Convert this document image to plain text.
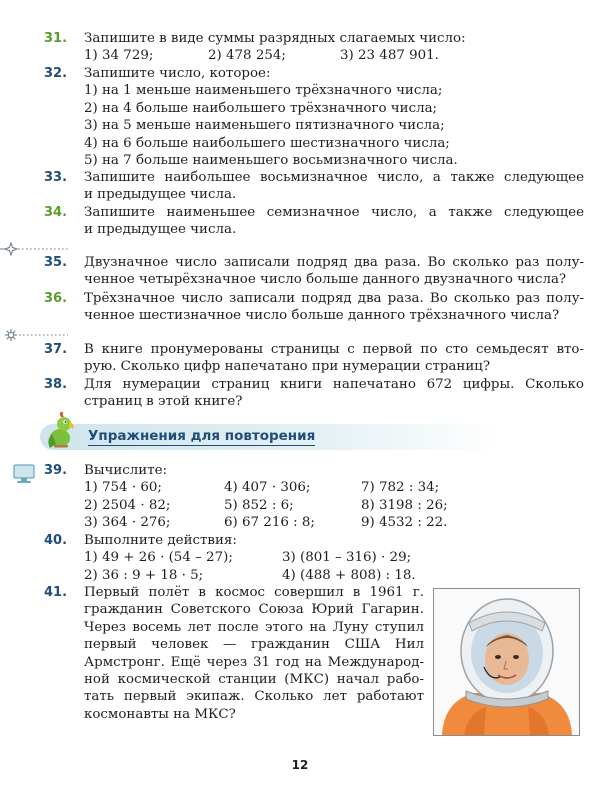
31.	Запишите в виде суммы разрядных слагаемых число:
1) 34 729;	2) 478 254;	3) 23 487 901.
32.	Запишите число, которое:
1) на 1 меньше наименьшего трёхзначного числа;
2) на 4 больше наибольшего трёхзначного числа;
3) на 5 меньше наименьшего пятизначного числа;
4) на 6 больше наибольшего шестизначного числа;
5) на 7 больше наименьшего восьмизначного числа.
33.	Запишите наибольшее восьмизначное число, а также следующее
и предыдущее числа.
34.	Запишите наименьшее семизначное число, а также следующее
и предыдущее числа.
35.	Двузначное число записали подряд два раза. Во сколько раз полу-
ченное четырёхзначное число больше данного двузначного числа?
36.	Трёхзначное число записали подряд два раза. Во сколько раз полу-
ченное шестизначное число больше данного трёхзначного числа?
37.	В книге пронумерованы страницы с первой по сто семьдесят вто-
рую. Сколько цифр напечатано при нумерации страниц?
38.	Для нумерации страниц книги напечатано 672 цифры. Сколько
страниц в этой книге?
Упражнения для повторения
39.	Вычислите:
1) 754 · 60;
2) 2504 · 82;
3) 364 · 276;
4) 407 · 306;
5) 852 : 6;
6) 67 216 : 8;
7) 782 : 34;
8) 3198 : 26;
9) 4532 : 22.
40.	Выполните действия:
1) 49 + 26 · (54 – 27);
2) 36 : 9 + 18 · 5;
3) (801 – 316) · 29;
4) (488 + 808) : 18.
41.	Первый полёт в космос совершил в 1961 г.
гражданин Советского Союза Юрий Гагарин.
Через восемь лет после этого на Луну ступил
первый человек — гражданин США Нил
Армстронг. Ещё через 31 год на Международ-
ной космической станции (МКС) начал рабо-
тать первый экипаж. Сколько лет работают
космонавты на МКС?
12
